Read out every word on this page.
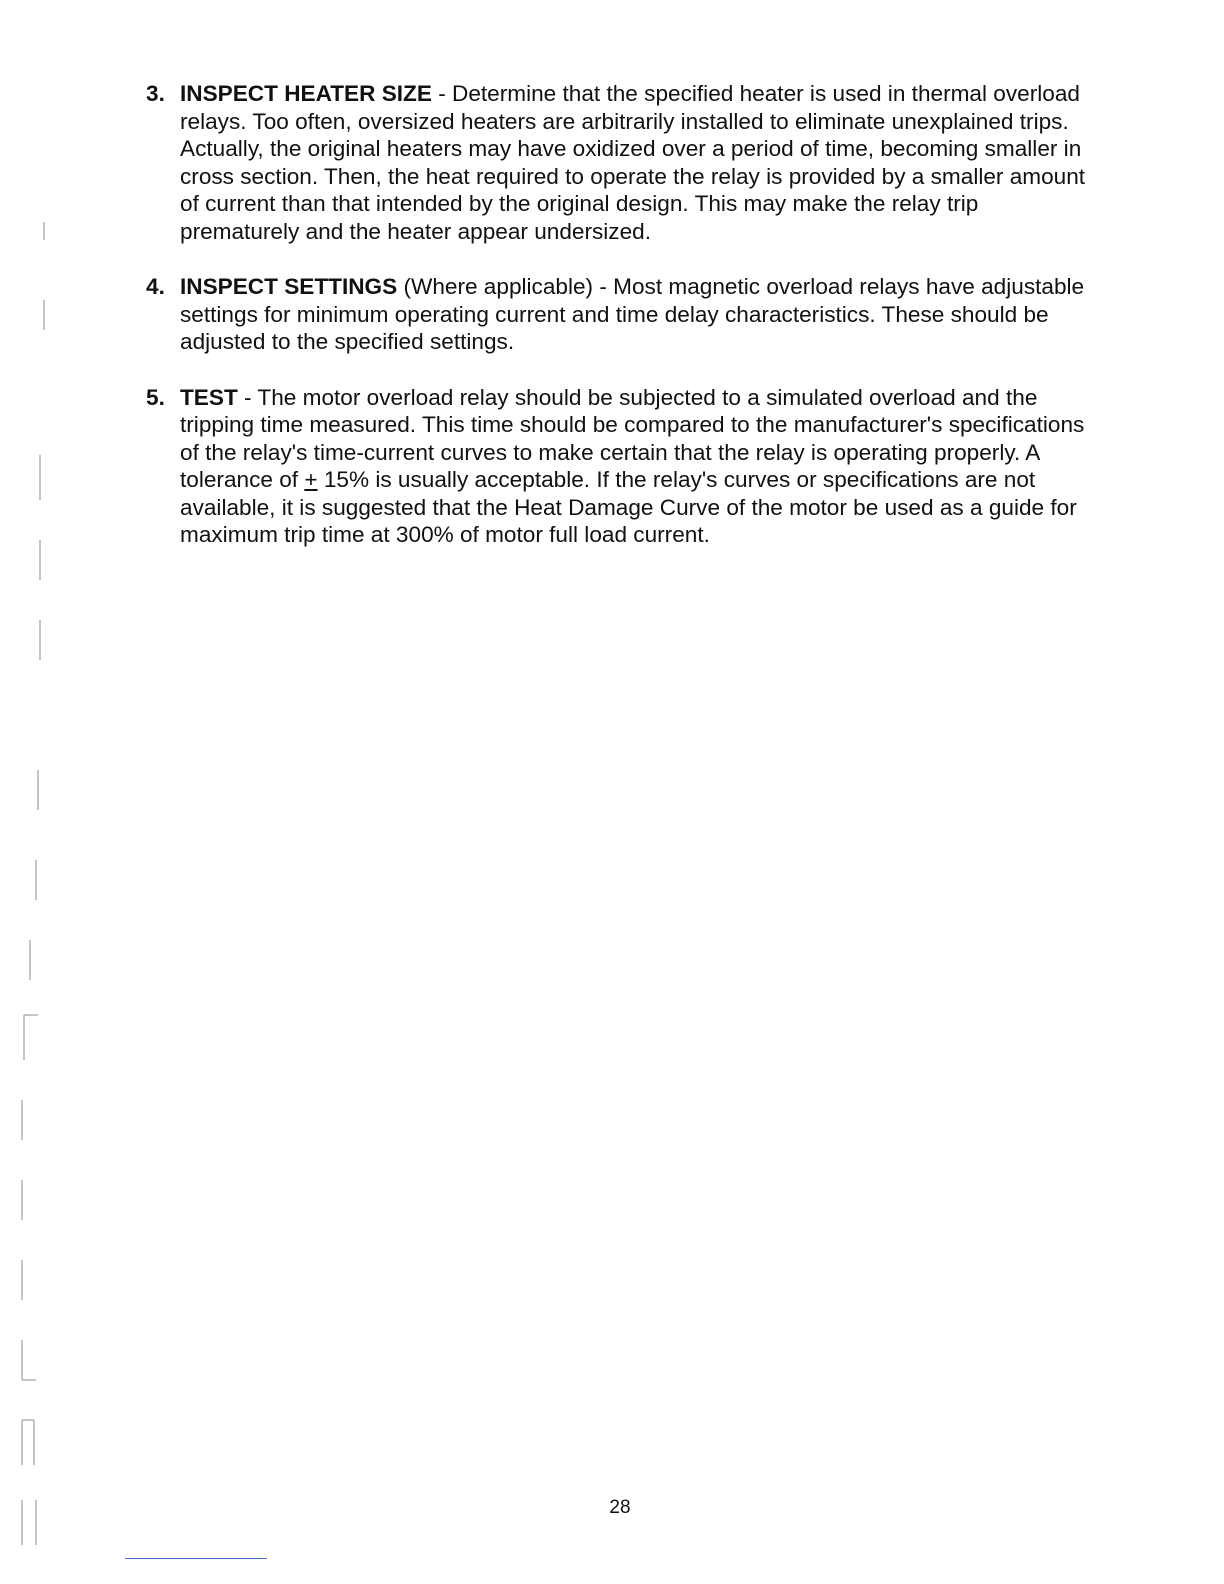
3. INSPECT HEATER SIZE - Determine that the specified heater is used in thermal overload relays. Too often, oversized heaters are arbitrarily installed to eliminate unexplained trips. Actually, the original heaters may have oxidized over a period of time, becoming smaller in cross section. Then, the heat required to operate the relay is provided by a smaller amount of current than that intended by the original design. This may make the relay trip prematurely and the heater appear undersized.
4. INSPECT SETTINGS (Where applicable) - Most magnetic overload relays have adjustable settings for minimum operating current and time delay characteristics. These should be adjusted to the specified settings.
5. TEST - The motor overload relay should be subjected to a simulated overload and the tripping time measured. This time should be compared to the manufacturer's specifications of the relay's time-current curves to make certain that the relay is operating properly. A tolerance of + 15% is usually acceptable. If the relay's curves or specifications are not available, it is suggested that the Heat Damage Curve of the motor be used as a guide for maximum trip time at 300% of motor full load current.
28
